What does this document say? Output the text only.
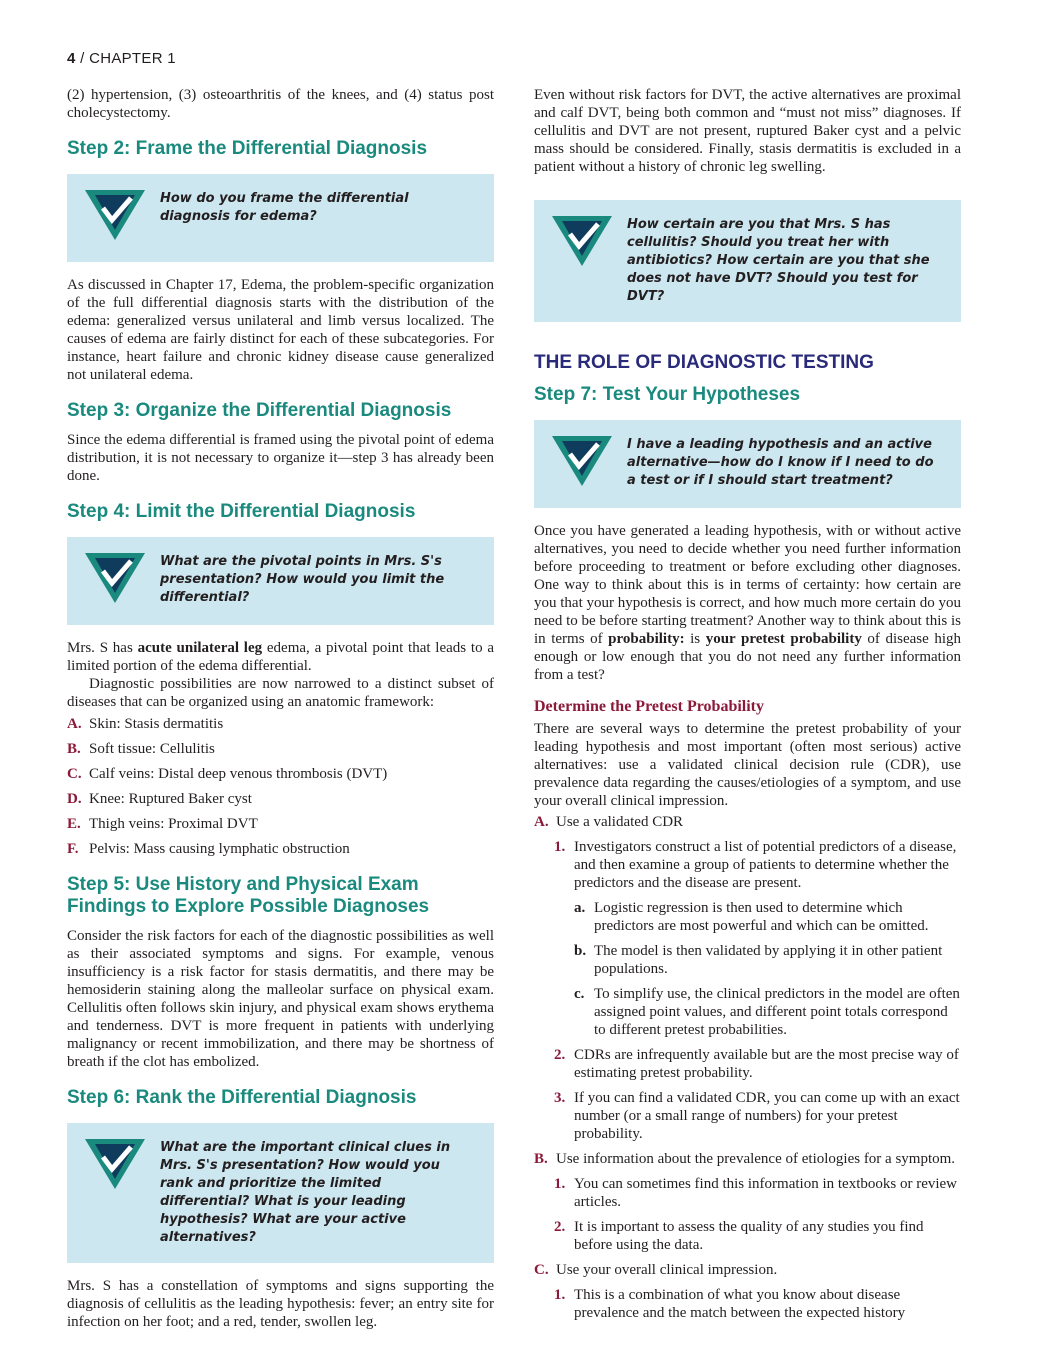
4 / CHAPTER 1

(2) hypertension, (3) osteoarthritis of the knees, and (4) status post cholecystectomy.

Step 2: Frame the Differential Diagnosis
How do you frame the differential diagnosis for edema?

As discussed in Chapter 17, Edema, the problem-specific organization of the full differential diagnosis starts with the distribution of the edema: generalized versus unilateral and limb versus localized. The causes of edema are fairly distinct for each of these subcategories. For instance, heart failure and chronic kidney disease cause generalized not unilateral edema.

Step 3: Organize the Differential Diagnosis

Since the edema differential is framed using the pivotal point of edema distribution, it is not necessary to organize it—step 3 has already been done.

Step 4: Limit the Differential Diagnosis
What are the pivotal points in Mrs. S's presentation? How would you limit the differential?

Mrs. S has acute unilateral leg edema, a pivotal point that leads to a limited portion of the edema differential.

Diagnostic possibilities are now narrowed to a distinct subset of diseases that can be organized using an anatomic framework:

A. Skin: Stasis dermatitis
B. Soft tissue: Cellulitis
C. Calf veins: Distal deep venous thrombosis (DVT)
D. Knee: Ruptured Baker cyst
E. Thigh veins: Proximal DVT
F. Pelvis: Mass causing lymphatic obstruction
Step 5: Use History and Physical Exam
Findings to Explore Possible Diagnoses

Consider the risk factors for each of the diagnostic possibilities as well as their associated symptoms and signs. For example, venous insufficiency is a risk factor for stasis dermatitis, and there may be hemosiderin staining along the malleolar surface on physical exam. Cellulitis often follows skin injury, and physical exam shows erythema and tenderness. DVT is more frequent in patients with underlying malignancy or recent immobilization, and there may be shortness of breath if the clot has embolized.

Step 6: Rank the Differential Diagnosis
What are the important clinical clues in Mrs. S's presentation? How would you rank and prioritize the limited differential? What is your leading hypothesis? What are your active alternatives?

Mrs. S has a constellation of symptoms and signs supporting the diagnosis of cellulitis as the leading hypothesis: fever; an entry site for infection on her foot; and a red, tender, swollen leg.

Even without risk factors for DVT, the active alternatives are proximal and calf DVT, being both common and “must not miss” diagnoses. If cellulitis and DVT are not present, ruptured Baker cyst and a pelvic mass should be considered. Finally, stasis dermatitis is excluded in a patient without a history of chronic leg swelling.

How certain are you that Mrs. S has cellulitis? Should you treat her with antibiotics? How certain are you that she does not have DVT? Should you test for DVT?
THE ROLE OF DIAGNOSTIC TESTING
Step 7: Test Your Hypotheses
I have a leading hypothesis and an active alternative—how do I know if I need to do a test or if I should start treatment?

Once you have generated a leading hypothesis, with or without active alternatives, you need to decide whether you need further information before proceeding to treatment or before excluding other diagnoses. One way to think about this is in terms of certainty: how certain are you that your hypothesis is correct, and how much more certain do you need to be before starting treatment? Another way to think about this is in terms of probability: is your pretest probability of disease high enough or low enough that you do not need any further information from a test?

Determine the Pretest Probability

There are several ways to determine the pretest probability of your leading hypothesis and most important (often most serious) active alternatives: use a validated clinical decision rule (CDR), use prevalence data regarding the causes/etiologies of a symptom, and use your overall clinical impression.

A. Use a validated CDR
1. Investigators construct a list of potential predictors of a disease, and then examine a group of patients to determine whether the predictors and the disease are present.
a. Logistic regression is then used to determine which predictors are most powerful and which can be omitted.
b. The model is then validated by applying it in other patient populations.
c. To simplify use, the clinical predictors in the model are often assigned point values, and different point totals correspond to different pretest probabilities.
2. CDRs are infrequently available but are the most precise way of estimating pretest probability.
3. If you can find a validated CDR, you can come up with an exact number (or a small range of numbers) for your pretest probability.
B. Use information about the prevalence of etiologies for a symptom.
1. You can sometimes find this information in textbooks or review articles.
2. It is important to assess the quality of any studies you find before using the data.
C. Use your overall clinical impression.
1. This is a combination of what you know about disease prevalence and the match between the expected history
